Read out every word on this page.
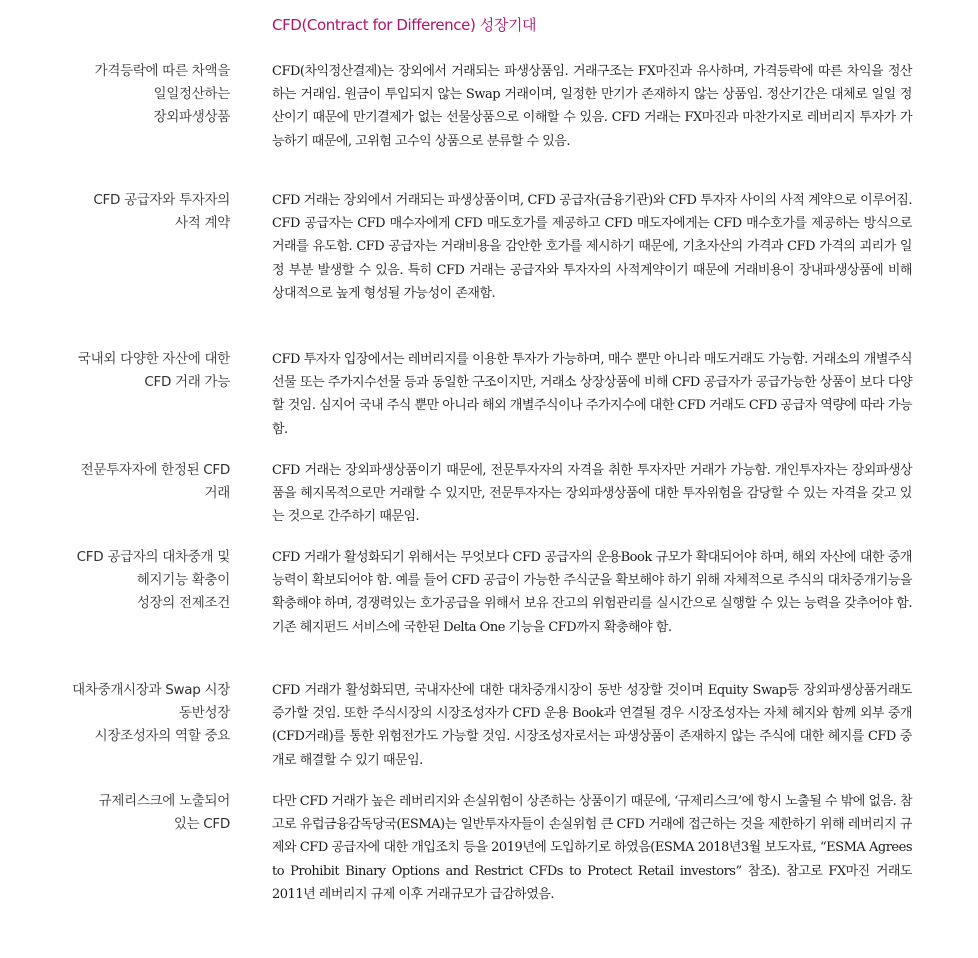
CFD(Contract for Difference) 성장기대
가격등락에 따른 차액을
일일정산하는
장외파생상품
CFD(차익정산결제)는 장외에서 거래되는 파생상품임. 거래구조는 FX마진과 유사하며, 가격등락에 따른 차익을 정산하는 거래임. 원금이 투입되지 않는 Swap 거래이며, 일정한 만기가 존재하지 않는 상품임. 정산기간은 대체로 일일 정산이기 때문에 만기결제가 없는 선물상품으로 이해할 수 있음. CFD 거래는 FX마진과 마찬가지로 레버리지 투자가 가능하기 때문에, 고위험 고수익 상품으로 분류할 수 있음.
CFD 공급자와 투자자의
사적 계약
CFD 거래는 장외에서 거래되는 파생상품이며, CFD 공급자(금융기관)와 CFD 투자자 사이의 사적 계약으로 이루어짐. CFD 공급자는 CFD 매수자에게 CFD 매도호가를 제공하고 CFD 매도자에게는 CFD 매수호가를 제공하는 방식으로 거래를 유도함. CFD 공급자는 거래비용을 감안한 호가를 제시하기 때문에, 기초자산의 가격과 CFD 가격의 괴리가 일정 부분 발생할 수 있음. 특히 CFD 거래는 공급자와 투자자의 사적계약이기 때문에 거래비용이 장내파생상품에 비해 상대적으로 높게 형성될 가능성이 존재함.
국내외 다양한 자산에 대한
CFD 거래 가능
CFD 투자자 입장에서는 레버리지를 이용한 투자가 가능하며, 매수 뿐만 아니라 매도거래도 가능함. 거래소의 개별주식선물 또는 주가지수선물 등과 동일한 구조이지만, 거래소 상장상품에 비해 CFD 공급자가 공급가능한 상품이 보다 다양할 것임. 심지어 국내 주식 뿐만 아니라 해외 개별주식이나 주가지수에 대한 CFD 거래도 CFD 공급자 역량에 따라 가능함.
전문투자자에 한정된 CFD
거래
CFD 거래는 장외파생상품이기 때문에, 전문투자자의 자격을 취한 투자자만 거래가 가능함. 개인투자자는 장외파생상품을 헤지목적으로만 거래할 수 있지만, 전문투자자는 장외파생상품에 대한 투자위험을 감당할 수 있는 자격을 갖고 있는 것으로 간주하기 때문임.
CFD 공급자의 대차중개 및
헤지기능 확충이
성장의 전제조건
CFD 거래가 활성화되기 위해서는 무엇보다 CFD 공급자의 운용Book 규모가 확대되어야 하며, 해외 자산에 대한 중개능력이 확보되어야 함. 예를 들어 CFD 공급이 가능한 주식군을 확보해야 하기 위해 자체적으로 주식의 대차중개기능을 확충해야 하며, 경쟁력있는 호가공급을 위해서 보유 잔고의 위험관리를 실시간으로 실행할 수 있는 능력을 갖추어야 함. 기존 헤지펀드 서비스에 국한된 Delta One 기능을 CFD까지 확충해야 함.
대차중개시장과 Swap 시장
동반성장
시장조성자의 역할 중요
CFD 거래가 활성화되면, 국내자산에 대한 대차중개시장이 동반 성장할 것이며 Equity Swap등 장외파생상품거래도 증가할 것임. 또한 주식시장의 시장조성자가 CFD 운용 Book과 연결될 경우 시장조성자는 자체 헤지와 함께 외부 중개(CFD거래)를 통한 위험전가도 가능할 것임. 시장조성자로서는 파생상품이 존재하지 않는 주식에 대한 헤지를 CFD 중개로 해결할 수 있기 때문임.
규제리스크에 노출되어
있는 CFD
다만 CFD 거래가 높은 레버리지와 손실위험이 상존하는 상품이기 때문에, ‘규제리스크’에 항시 노출될 수 밖에 없음. 참고로 유럽금융감독당국(ESMA)는 일반투자자들이 손실위험 큰 CFD 거래에 접근하는 것을 제한하기 위해 레버리지 규제와 CFD 공급자에 대한 개입조치 등을 2019년에 도입하기로 하였음(ESMA 2018년3월 보도자료, “ESMA Agrees to Prohibit Binary Options and Restrict CFDs to Protect Retail investors” 참조). 참고로 FX마진 거래도 2011년 레버리지 규제 이후 거래규모가 급감하였음.
